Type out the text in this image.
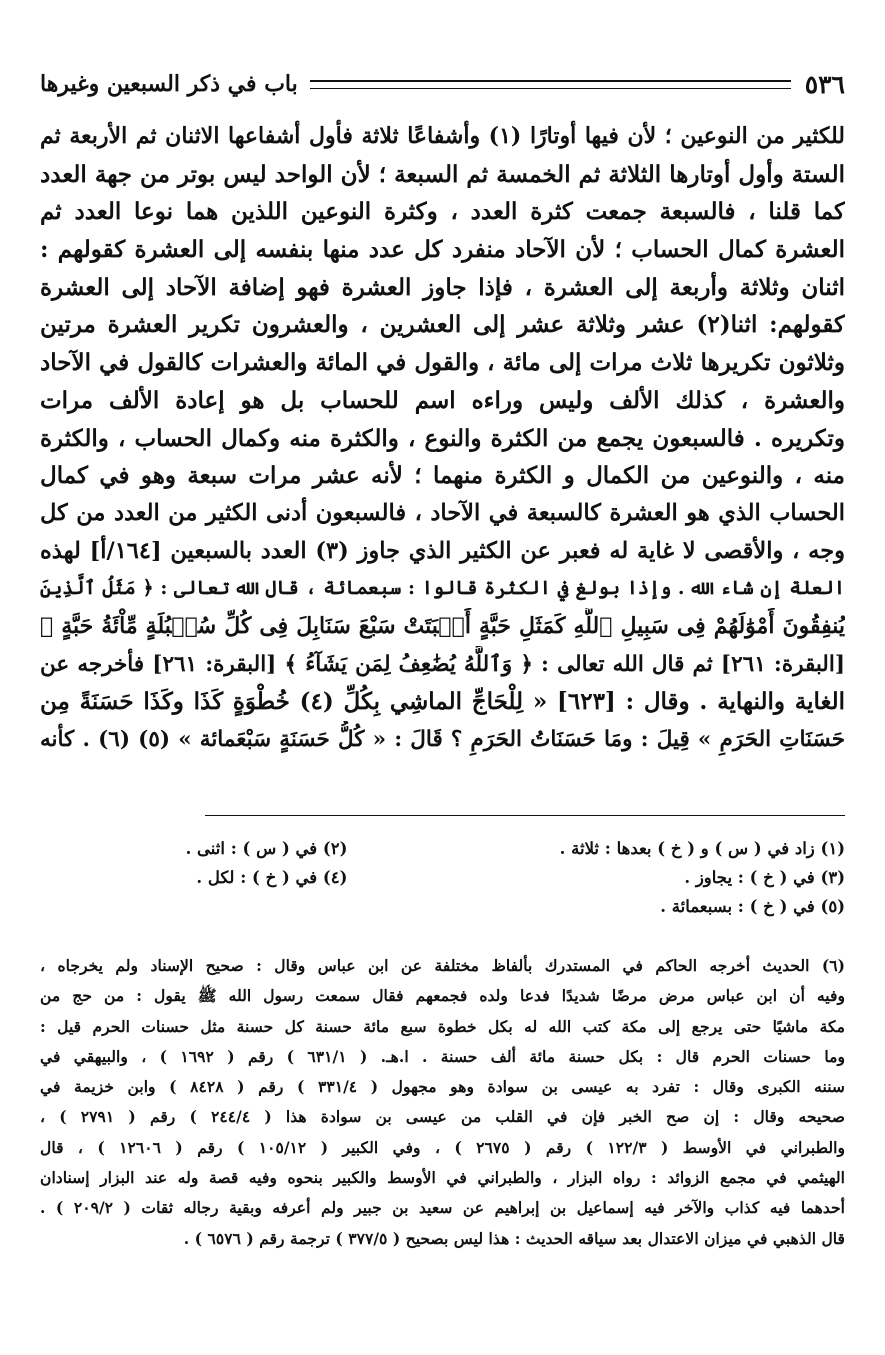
٥٣٦
باب في ذكر السبعين وغيرها
للكثير من النوعين ؛ لأن فيها أوتارًا (١) وأشفاعًا ثلاثة فأول أشفاعها الاثنان ثم الأربعة ثم
الستة وأول أوتارها الثلاثة ثم الخمسة ثم السبعة ؛ لأن الواحد ليس بوتر من جهة العدد
كما قلنا ، فالسبعة جمعت كثرة العدد ، وكثرة النوعين اللذين هما نوعا العدد ثم
العشرة كمال الحساب ؛ لأن الآحاد منفرد كل عدد منها بنفسه إلى العشرة كقولهم :
اثنان وثلاثة وأربعة إلى العشرة ، فإذا جاوز العشرة فهو إضافة الآحاد إلى العشرة
كقولهم: اثنا(٢) عشر وثلاثة عشر إلى العشرين ، والعشرون تكرير العشرة مرتين
وثلاثون تكريرها ثلاث مرات إلى مائة ، والقول في المائة والعشرات كالقول في الآحاد
والعشرة ، كذلك الألف وليس وراءه اسم للحساب بل هو إعادة الألف مرات
وتكريره . فالسبعون يجمع من الكثرة والنوع ، والكثرة منه وكمال الحساب ، والكثرة
منه ، والنوعين من الكمال و الكثرة منهما ؛ لأنه عشر مرات سبعة وهو في كمال
الحساب الذي هو العشرة كالسبعة في الآحاد ، فالسبعون أدنى الكثير من العدد من كل
وجه ، والأقصى لا غاية له فعبر عن الكثير الذي جاوز (٣) العدد بالسبعين [١٦٤/أ] لهذه
العلة إن شاء الله . وإذا بولغ في الكثرة قالوا : سبعمائة ، قال الله تعالى : ﴿ مَثَلُ ٱلَّذِينَ
يُنفِقُونَ أَمْوَٰلَهُمْ فِى سَبِيلِ ٱللَّهِ كَمَثَلِ حَبَّةٍ أَنۢبَتَتْ سَبْعَ سَنَابِلَ فِى كُلِّ سُنۢبُلَةٍ مِّاْئَةُ حَبَّةٍ ﴾
[البقرة: ٢٦١] ثم قال الله تعالى : ﴿ وَٱللَّهُ يُضَٰعِفُ لِمَن يَشَآءُ ﴾ [البقرة: ٢٦١] فأخرجه عن
الغاية والنهاية . وقال : [٦٢٣] « لِلْحَاجِّ الماشِي بِكُلِّ (٤) خُطْوَةٍ كَذَا وكَذَا حَسَنَةً مِن
حَسَنَاتِ الحَرَمِ » قِيلَ : ومَا حَسَنَاتُ الحَرَمِ ؟ قَالَ : « كُلُّ حَسَنَةٍ سَبْعَمائة » (٥) (٦) . كأنه
(١) زاد في ( س ) و ( خ ) بعدها : ثلاثة .
(٢) في ( س ) : اثنى .
(٣) في ( خ ) : يجاوز .
(٤) في ( خ ) : لكل .
(٥) في ( خ ) : بسبعمائة .
(٦) الحديث أخرجه الحاكم في المستدرك بألفاظ مختلفة عن ابن عباس وقال : صحيح الإسناد ولم يخرجاه ،
وفيه أن ابن عباس مرض مرضًا شديدًا فدعا ولده فجمعهم فقال سمعت رسول الله ﷺ يقول : من حج من
مكة ماشيًا حتى يرجع إلى مكة كتب الله له بكل خطوة سبع مائة حسنة كل حسنة مثل حسنات الحرم قيل :
وما حسنات الحرم قال : بكل حسنة مائة ألف حسنة . ا.هـ. ( ٦٣١/١ ) رقم ( ١٦٩٢ ) ، والبيهقي في
سننه الكبرى وقال : تفرد به عيسى بن سوادة وهو مجهول ( ٣٣١/٤ ) رقم ( ٨٤٢٨ ) وابن خزيمة في
صحيحه وقال : إن صح الخبر فإن في القلب من عيسى بن سوادة هذا ( ٢٤٤/٤ ) رقم ( ٢٧٩١ ) ،
والطبراني في الأوسط ( ١٢٢/٣ ) رقم ( ٢٦٧٥ ) ، وفي الكبير ( ١٠٥/١٢ ) رقم ( ١٢٦٠٦ ) ، قال
الهيثمي في مجمع الزوائد : رواه البزار ، والطبراني في الأوسط والكبير بنحوه وفيه قصة وله عند البزار إسنادان
أحدهما فيه كذاب والآخر فيه إسماعيل بن إبراهيم عن سعيد بن جبير ولم أعرفه وبقية رجاله ثقات ( ٢٠٩/٢ ) .
قال الذهبي في ميزان الاعتدال بعد سياقه الحديث : هذا ليس بصحيح ( ٣٧٧/٥ ) ترجمة رقم ( ٦٥٧٦ ) .
